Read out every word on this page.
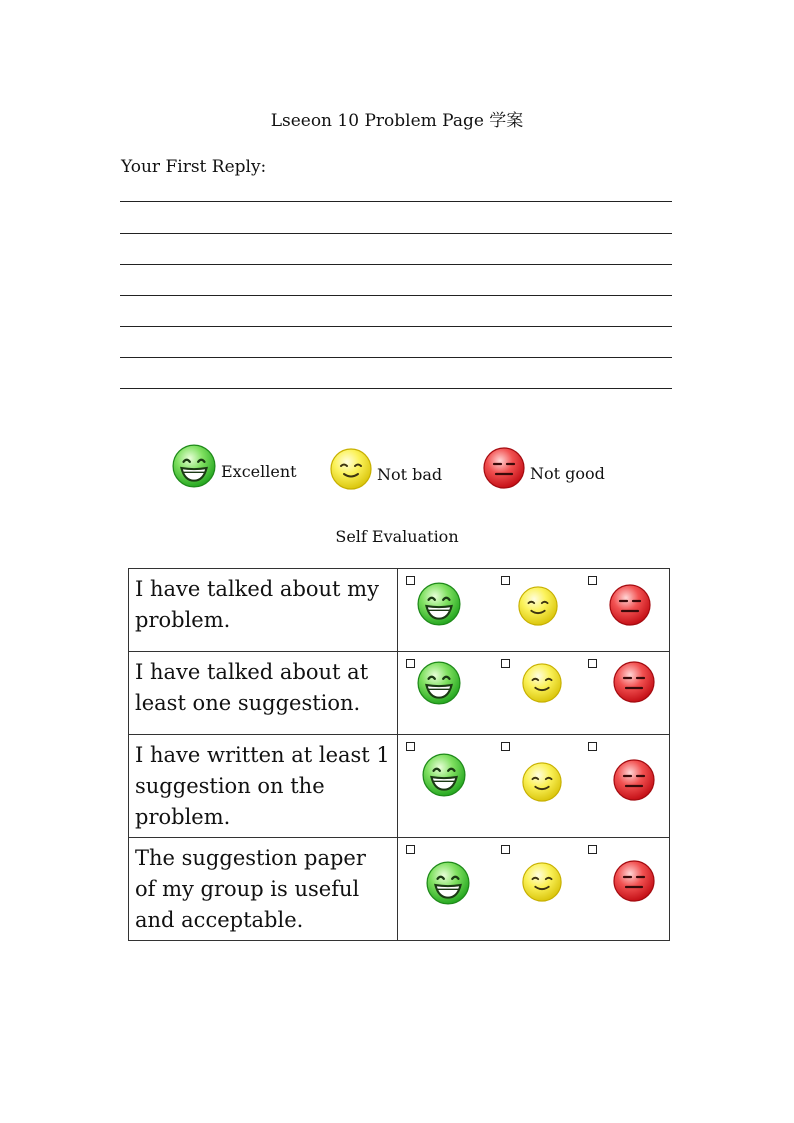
Lseeon 10 Problem Page 学案
Your First Reply:
Excellent	Not bad	Not good
Self Evaluation
I have talked about my
problem.

I have talked about at
least one suggestion.

I have written at least 1
suggestion on the
problem.

The suggestion paper
of my group is useful
and acceptable.
